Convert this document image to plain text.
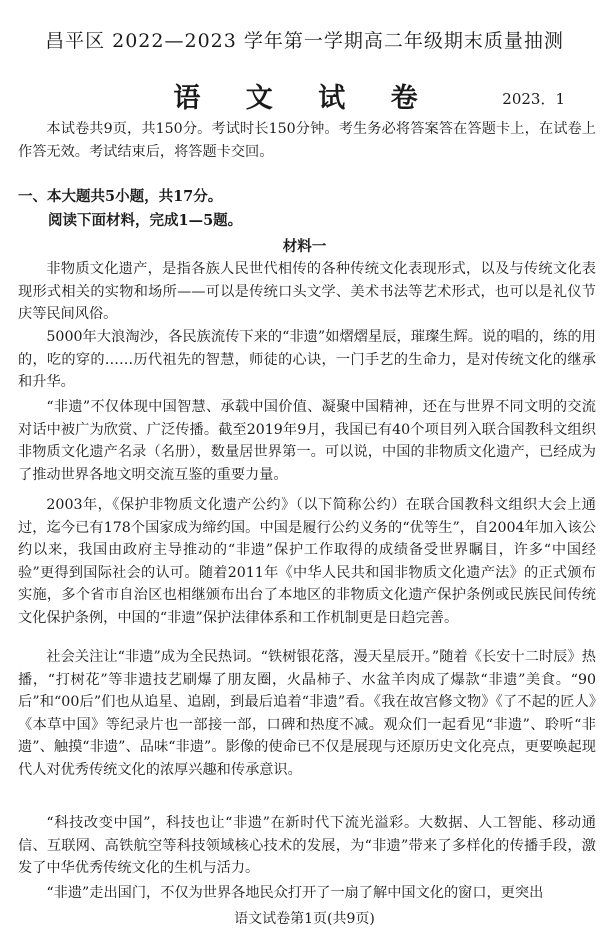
昌平区 2022—2023 学年第一学期高二年级期末质量抽测
语 文 试 卷	2023．1

本试卷共9页，共150分。考试时长150分钟。考生务必将答案答在答题卡上，在试卷上作答无效。考试结束后，将答题卡交回。

一、本大题共5小题，共17分。
阅读下面材料，完成1—5题。
材料一

非物质文化遗产，是指各族人民世代相传的各种传统文化表现形式，以及与传统文化表现形式相关的实物和场所——可以是传统口头文学、美术书法等艺术形式，也可以是礼仪节庆等民间风俗。

5000年大浪淘沙，各民族流传下来的“非遗”如熠熠星辰，璀璨生辉。说的唱的，练的用的，吃的穿的……历代祖先的智慧，师徒的心诀，一门手艺的生命力，是对传统文化的继承和升华。

“非遗”不仅体现中国智慧、承载中国价值、凝聚中国精神，还在与世界不同文明的交流对话中被广为欣赏、广泛传播。截至2019年9月，我国已有40个项目列入联合国教科文组织非物质文化遗产名录（名册），数量居世界第一。可以说，中国的非物质文化遗产，已经成为了推动世界各地文明交流互鉴的重要力量。

2003年，《保护非物质文化遗产公约》（以下简称公约）在联合国教科文组织大会上通过，迄今已有178个国家成为缔约国。中国是履行公约义务的“优等生”，自2004年加入该公约以来，我国由政府主导推动的“非遗”保护工作取得的成绩备受世界瞩目，许多“中国经验”更得到国际社会的认可。随着2011年《中华人民共和国非物质文化遗产法》的正式颁布实施，多个省市自治区也相继颁布出台了本地区的非物质文化遗产保护条例或民族民间传统文化保护条例，中国的“非遗”保护法律体系和工作机制更是日趋完善。

社会关注让“非遗”成为全民热词。“铁树银花落，漫天星辰开。”随着《长安十二时辰》热播，“打树花”等非遗技艺刷爆了朋友圈，火晶柿子、水盆羊肉成了爆款“非遗”美食。“90后”和“00后”们也从追星、追剧，到最后追着“非遗”看。《我在故宫修文物》《了不起的匠人》《本草中国》等纪录片也一部接一部，口碑和热度不减。观众们一起看见“非遗”、聆听“非遗”、触摸“非遗”、品味“非遗”。影像的使命已不仅是展现与还原历史文化亮点，更要唤起现代人对优秀传统文化的浓厚兴趣和传承意识。

“科技改变中国”，科技也让“非遗”在新时代下流光溢彩。大数据、人工智能、移动通信、互联网、高铁航空等科技领域核心技术的发展，为“非遗”带来了多样化的传播手段，激发了中华优秀传统文化的生机与活力。

“非遗”走出国门，不仅为世界各地民众打开了一扇了解中国文化的窗口，更突出

语文试卷第1页(共9页)
